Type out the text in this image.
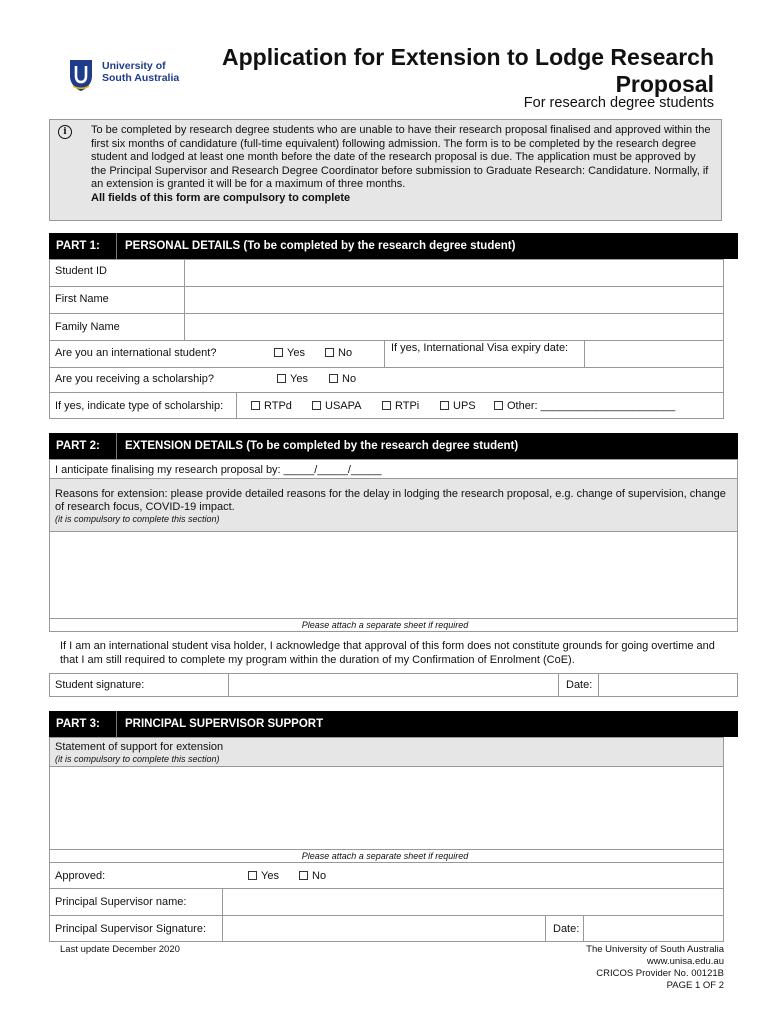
University of
South Australia
Application for Extension to Lodge Research Proposal
For research degree students
i	To be completed by research degree students who are unable to have their research proposal finalised and approved within the first six months of candidature (full-time equivalent) following admission. The form is to be completed by the research degree student and lodged at least one month before the date of the research proposal is due. The application must be approved by the Principal Supervisor and Research Degree Coordinator before submission to Graduate Research: Candidature. Normally, if an extension is granted it will be for a maximum of three months.
All fields of this form are compulsory to complete
PART 1: PERSONAL DETAILS (To be completed by the research degree student)
Student ID
First Name
Family Name
Are you an international student?	Yes	No	If yes, International Visa expiry date:
Are you receiving a scholarship?	Yes	No
If yes, indicate type of scholarship:	RTPd	USAPA	RTPi	UPS	Other: ______________________
PART 2: EXTENSION DETAILS (To be completed by the research degree student)
I anticipate finalising my research proposal by: _____/_____/_____
Reasons for extension: please provide detailed reasons for the delay in lodging the research proposal, e.g. change of supervision, change of research focus, COVID-19 impact.
(it is compulsory to complete this section)
Please attach a separate sheet if required
If I am an international student visa holder, I acknowledge that approval of this form does not constitute grounds for going overtime and that I am still required to complete my program within the duration of my Confirmation of Enrolment (CoE).
Student signature:	Date:
PART 3: PRINCIPAL SUPERVISOR SUPPORT
Statement of support for extension
(it is compulsory to complete this section)
Please attach a separate sheet if required
Approved:	Yes	No
Principal Supervisor name:
Principal Supervisor Signature:	Date:
Last update December 2020	The University of South Australia
www.unisa.edu.au
CRICOS Provider No. 00121B
PAGE 1 OF 2
